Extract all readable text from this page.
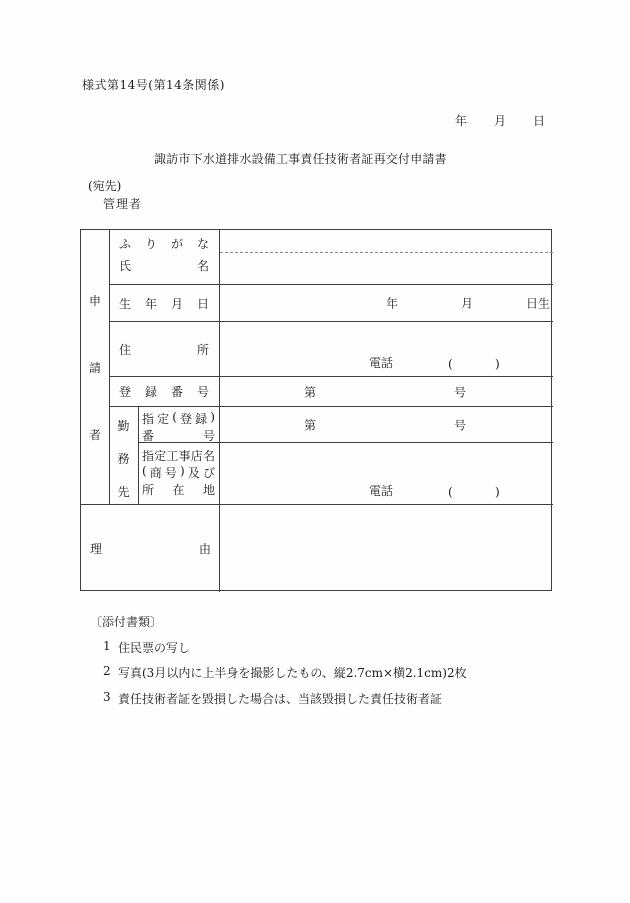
様式第14号(第14条関係)
年 月 日
諏訪市下水道排水設備工事責任技術者証再交付申請書
(宛先)
管理者
申
請
者
ふ り が な
氏	名
生 年 月 日	年	月	日生
住	所
電話	(	)
登 録 番 号	第	号
勤
務
先
指 定 ( 登 録 )
番	号
第	号
指 定 工 事 店 名
( 商 号 ) 及 び
所 在 地	電話	(	)
理	由
〔添付書類〕
1 住民票の写し
2 写真(3月以内に上半身を撮影したもの、縦2.7cm×横2.1cm)2枚
3 責任技術者証を毀損した場合は、当該毀損した責任技術者証
